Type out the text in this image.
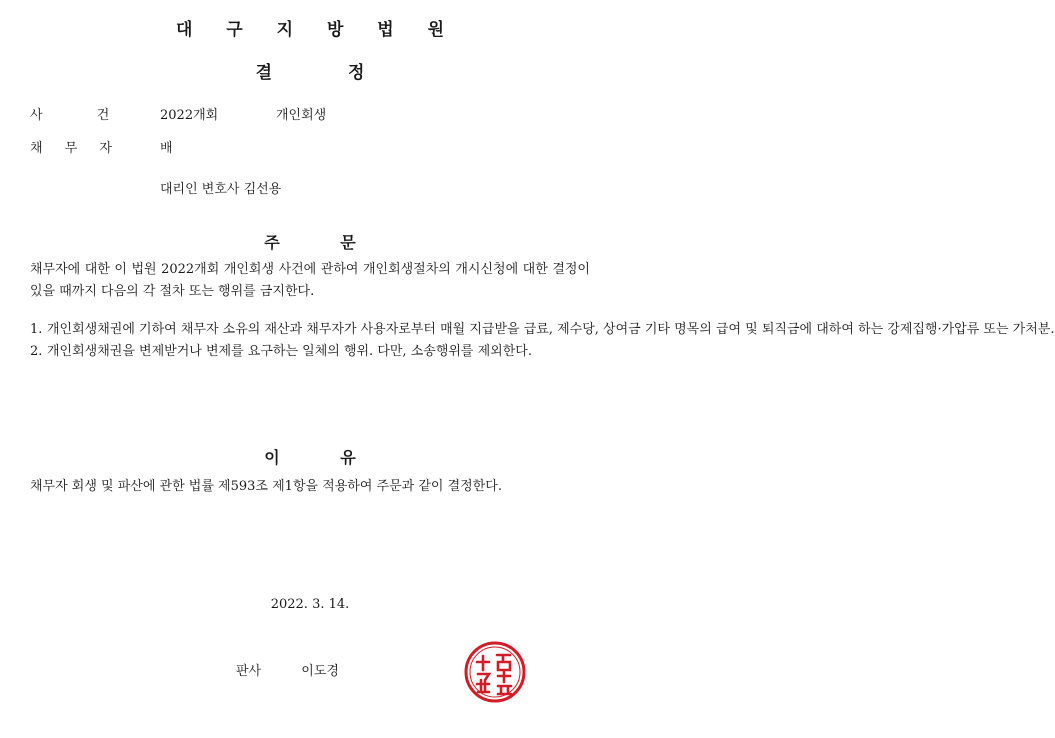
대 구 지 방 법 원
결 정
사 건	2022개회	개인회생
채 무 자	배
대리인 변호사 김선용
주 문
채무자에 대한 이 법원 2022개회 개인회생 사건에 관하여 개인회생절차의 개시신청에 대한 결정이 있을 때까지 다음의 각 절차 또는 행위를 금지한다.
1. 개인회생채권에 기하여 채무자 소유의 재산과 채무자가 사용자로부터 매월 지급받을 급료, 제수당, 상여금 기타 명목의 급여 및 퇴직금에 대하여 하는 강제집행·가압류 또는 가처분.
2. 개인회생채권을 변제받거나 변제를 요구하는 일체의 행위. 다만, 소송행위를 제외한다.
이 유
채무자 회생 및 파산에 관한 법률 제593조 제1항을 적용하여 주문과 같이 결정한다.
2022. 3. 14.
판사	이도경
